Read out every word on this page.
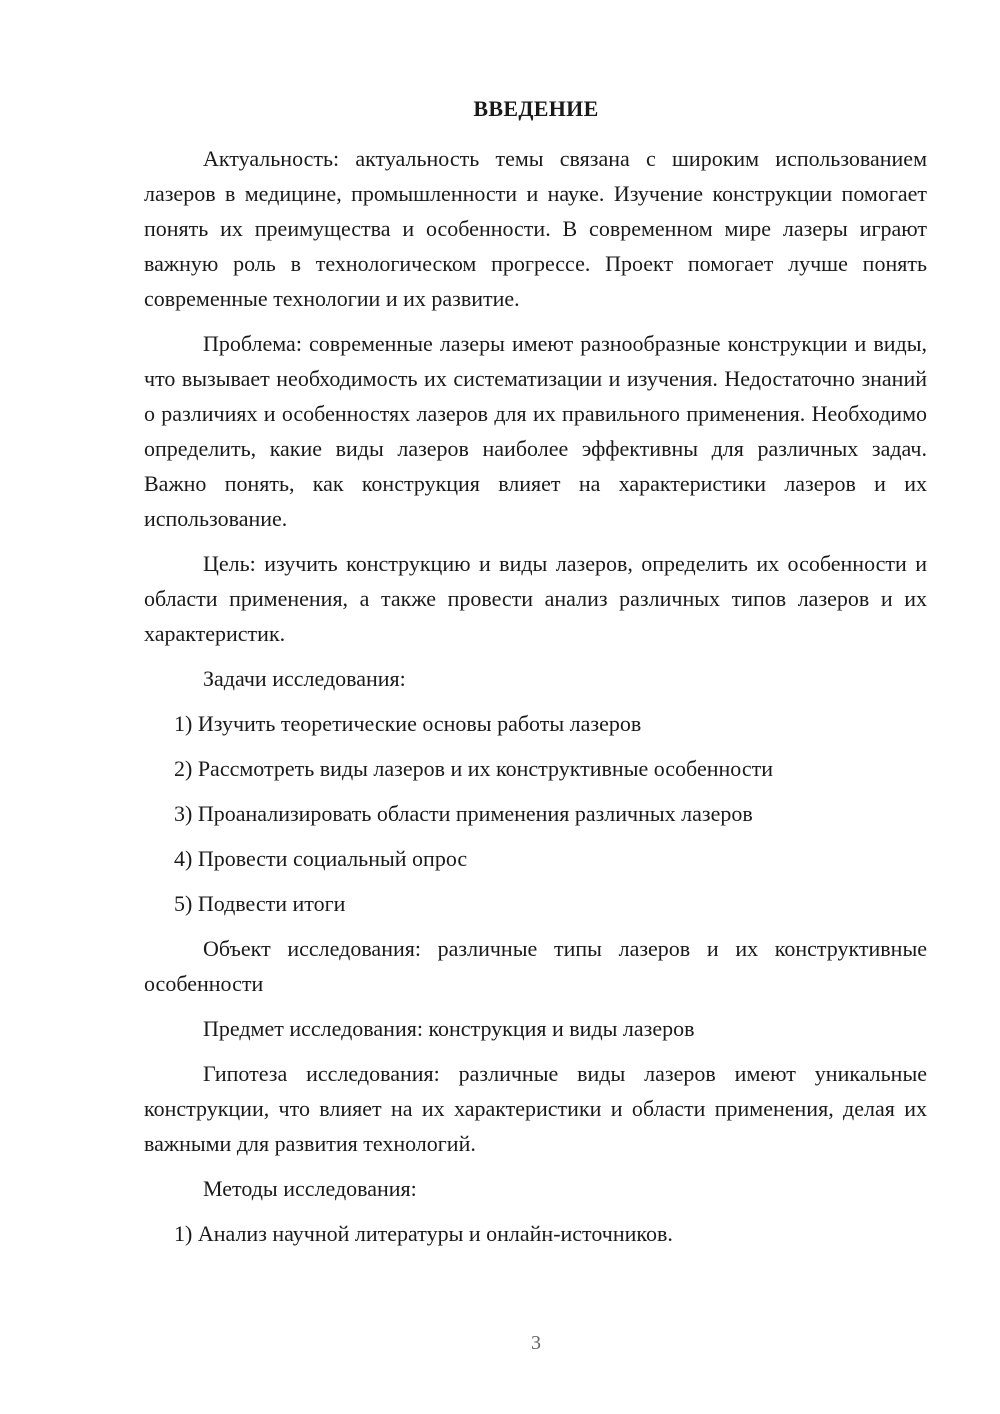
ВВЕДЕНИЕ

Актуальность: актуальность темы связана с широким использованием лазеров в медицине, промышленности и науке. Изучение конструкции помогает понять их преимущества и особенности. В современном мире лазеры играют важную роль в технологическом прогрессе. Проект помогает лучше понять современные технологии и их развитие.

Проблема: современные лазеры имеют разнообразные конструкции и виды, что вызывает необходимость их систематизации и изучения. Недостаточно знаний о различиях и особенностях лазеров для их правильного применения. Необходимо определить, какие виды лазеров наиболее эффективны для различных задач. Важно понять, как конструкция влияет на характеристики лазеров и их использование.

Цель: изучить конструкцию и виды лазеров, определить их особенности и области применения, а также провести анализ различных типов лазеров и их характеристик.

Задачи исследования:

1) Изучить теоретические основы работы лазеров

2) Рассмотреть виды лазеров и их конструктивные особенности

3) Проанализировать области применения различных лазеров

4) Провести социальный опрос

5) Подвести итоги

Объект исследования: различные типы лазеров и их конструктивные особенности

Предмет исследования: конструкция и виды лазеров

Гипотеза исследования: различные виды лазеров имеют уникальные конструкции, что влияет на их характеристики и области применения, делая их важными для развития технологий.

Методы исследования:

1) Анализ научной литературы и онлайн-источников.

3
